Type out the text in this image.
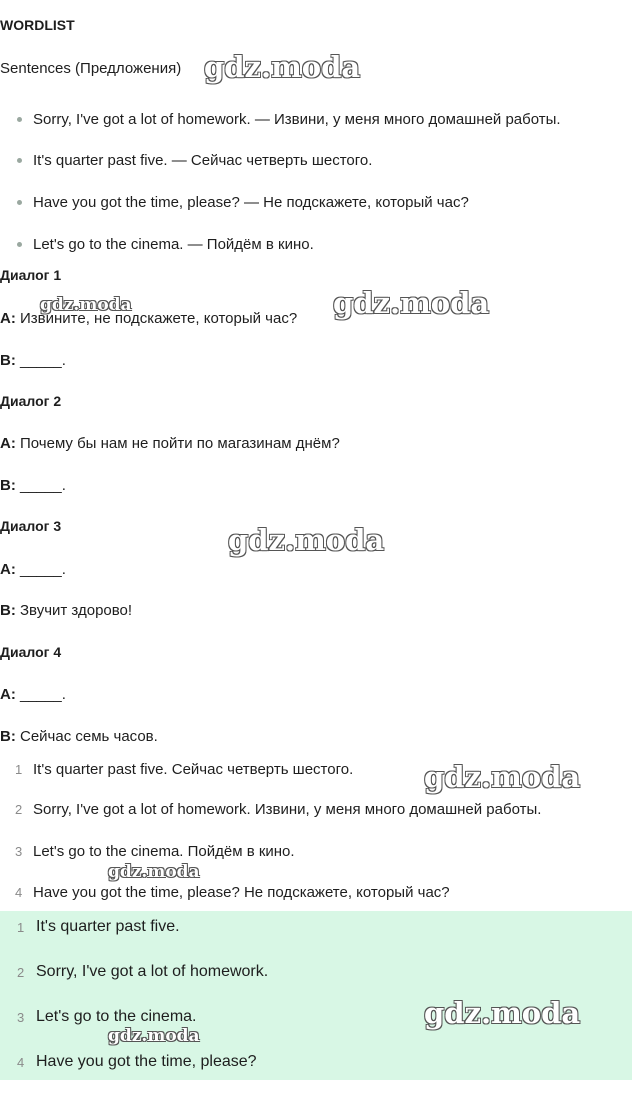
WORDLIST
Sentences (Предложения)
Sorry, I've got a lot of homework. — Извини, у меня много домашней работы.
It's quarter past five. — Сейчас четверть шестого.
Have you got the time, please? — Не подскажете, который час?
Let's go to the cinema. — Пойдём в кино.
Диалог 1
A: Извините, не подскажете, который час?
B: _____.
Диалог 2
A: Почему бы нам не пойти по магазинам днём?
B: _____.
Диалог 3
A: _____.
B: Звучит здорово!
Диалог 4
A: _____.
B: Сейчас семь часов.
1 It's quarter past five. Сейчас четверть шестого.
2 Sorry, I've got a lot of homework. Извини, у меня много домашней работы.
3 Let's go to the cinema. Пойдём в кино.
4 Have you got the time, please? Не подскажете, который час?
1 It's quarter past five.
2 Sorry, I've got a lot of homework.
3 Let's go to the cinema.
4 Have you got the time, please?
gdz.moda
gdz.moda	gdz.moda
gdz.moda
gdz.moda
gdz.moda
gdz.moda
gdz.moda
